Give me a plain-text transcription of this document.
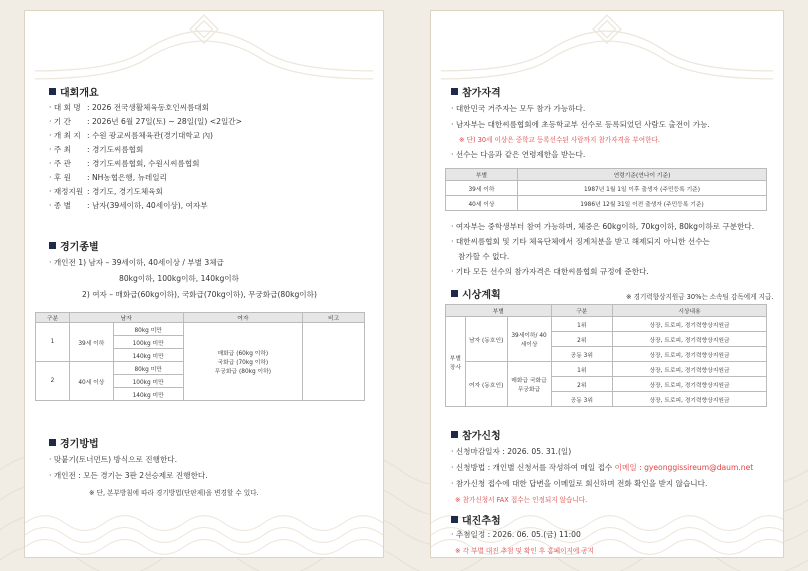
대회개요
· 대 회 명 : 2026 전국생활체육동호인씨름대회
· 기 간	: 2026년 6월 27일(토) ~ 28일(일) <2일간>
· 개 최 지 : 수원 광교씨름체육관(경기대학교 內)
· 주 최	: 경기도씨름협회
· 주 관	: 경기도씨름협회, 수원시씨름협회
· 후 원	: NH농협은행, 뉴데일리
· 재정지원 : 경기도, 경기도체육회
· 종 별	: 남자(39세이하, 40세이상), 여자부
경기종별
· 개인전 1) 남자 – 39세이하, 40세이상 / 부별 3체급
80kg이하, 100kg이하, 140kg이하
2) 여자 – 매화급(60kg이하), 국화급(70kg이하), 무궁화급(80kg이하)
구분	남자		여자	비고
1	39세 이하	80kg 미만	매화급 (60kg 이하)
국화급 (70kg 이하)
무궁화급 (80kg 이하)	

		100kg 미만		
		140kg 미만		
2	40세 이상	80kg 미만		
		100kg 미만		
		140kg 미만		
경기방법
· 맞붙기(토너먼트) 방식으로 진행한다.
· 개인전 : 모든 경기는 3판 2선승제로 진행한다.
※ 단, 본부방침에 따라 경기방법(단판제)을 변경할 수 있다.
참가자격
· 대한민국 거주자는 모두 참가 가능하다.
· 남자부는 대한씨름협회에 초등학교부 선수로 등록되었던 사람도 출전이 가능.
※ 단) 30세 이상은 중학교 등록선수된 사람까지 참가자격을 부여한다.
· 선수는 다음과 같은 연령제한을 받는다.
부별	연령기준(연나이 기준)
39세 이하	1987년 1월 1일 이후 출생자 (주민등록 기준)
40세 이상	1986년 12월 31일 이전 출생자 (주민등록 기준)
· 여자부는 중학생부터 참여 가능하며, 체중은 60kg이하, 70kg이하, 80kg이하로 구분한다.
· 대한씨름협회 및 기타 체육단체에서 징계처분을 받고 해제되지 아니한 선수는
참가할 수 없다.
· 기타 모든 선수의 참가자격은 대한씨름협회 규정에 준한다.
시상계획	※ 경기력향상지원금 30%는 소속팀 감독에게 지급.
부별			구분	시상내용
부별장사	남자 (동호인)	39세이하/ 40세이상	1위	상장, 트로피, 경기력향상지원금
			2위	상장, 트로피, 경기력향상지원금
			공동 3위	상장, 트로피, 경기력향상지원금
	여자 (동호인)	매화급 국화급 무궁화급	1위	상장, 트로피, 경기력향상지원금
			2위	상장, 트로피, 경기력향상지원금
			공동 3위	상장, 트로피, 경기력향상지원금
참가신청
· 신청마감일자 : 2026. 05. 31.(일)
· 신청방법 : 개인별 신청서를 작성하여 메일 접수 이메일 : gyeonggissireum@daum.net
· 참가신청 접수에 대한 답변을 이메일로 회신하며 전화 확인을 받지 않습니다.
※ 참가신청서 FAX 접수는 인정되지 않습니다.
대진추첨
· 추첨일정 : 2026. 06. 05.(금) 11:00
※ 각 부별 대진 추첨 및 확인 후 홈페이지에 공지
